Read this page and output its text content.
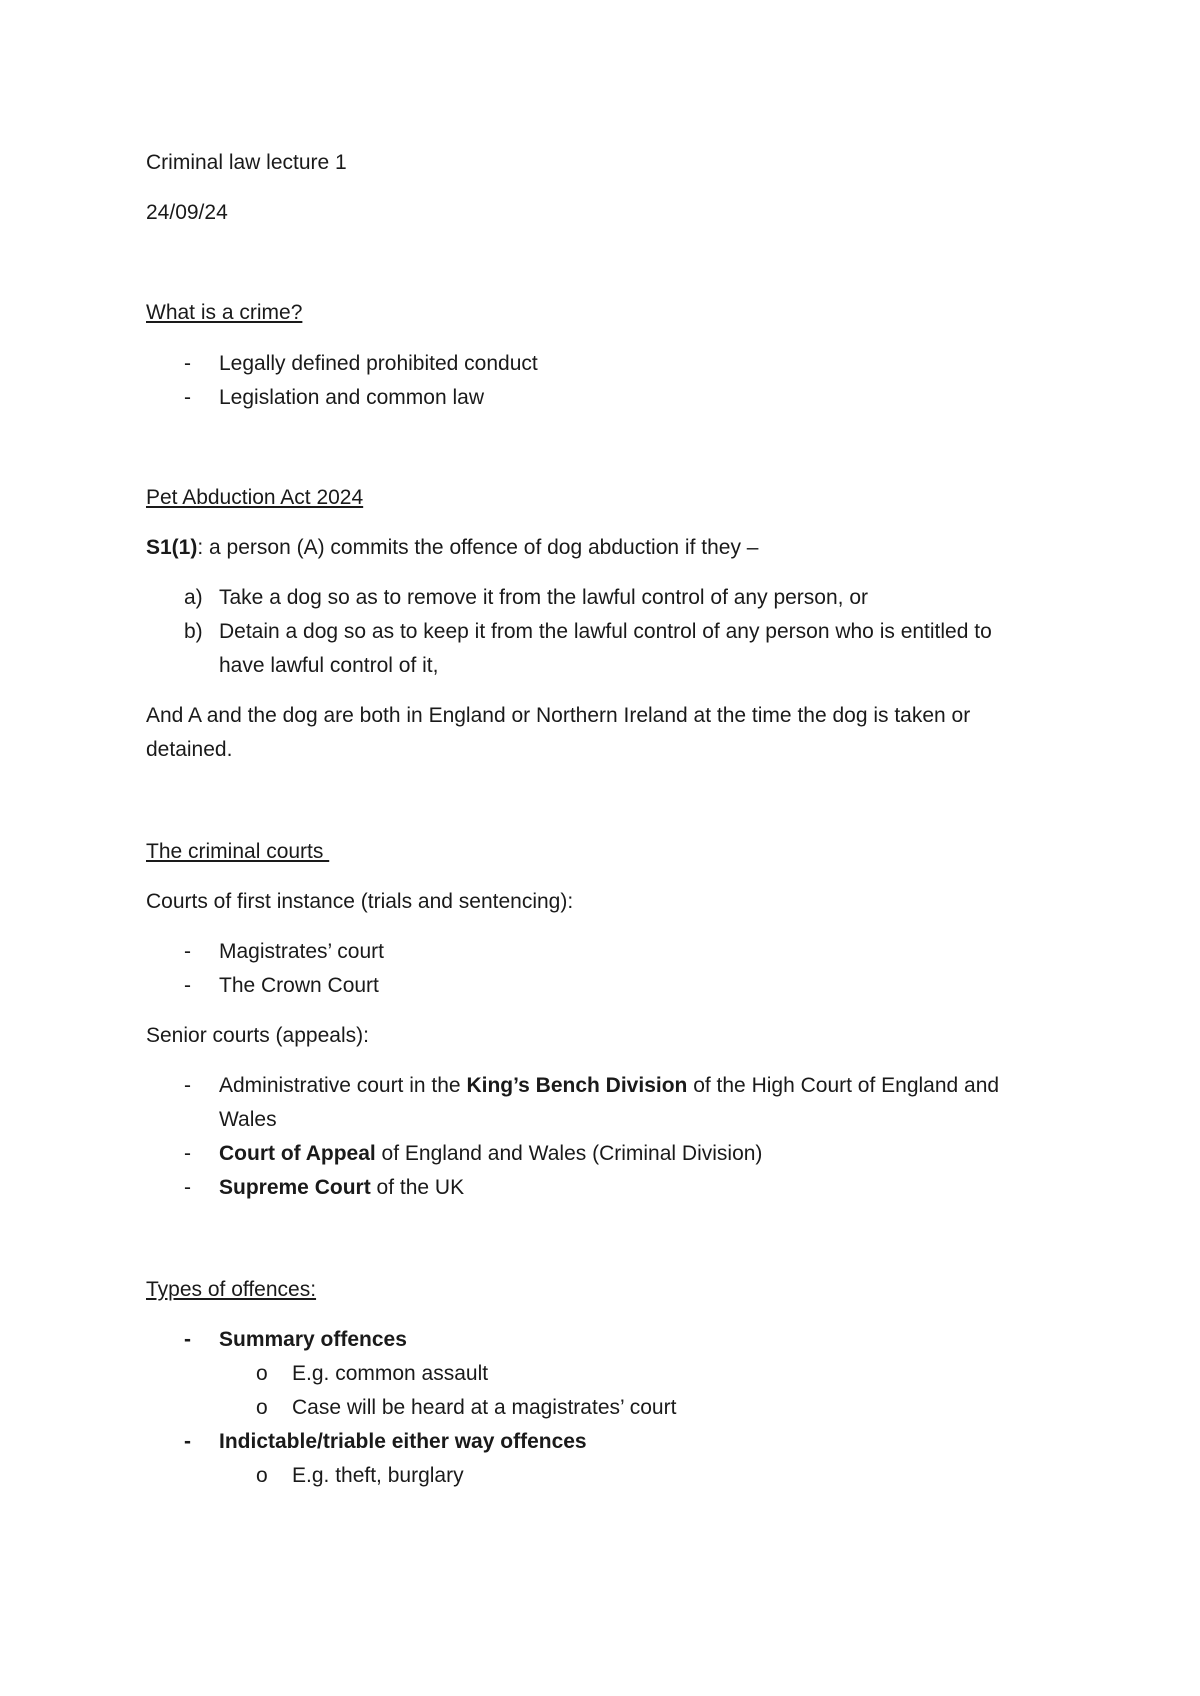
Criminal law lecture 1
24/09/24
What is a crime?
- Legally defined prohibited conduct
- Legislation and common law
Pet Abduction Act 2024
S1(1): a person (A) commits the offence of dog abduction if they –
a) Take a dog so as to remove it from the lawful control of any person, or
b) Detain a dog so as to keep it from the lawful control of any person who is entitled to
have lawful control of it,
And A and the dog are both in England or Northern Ireland at the time the dog is taken or
detained.
The criminal courts
Courts of first instance (trials and sentencing):
- Magistrates’ court
- The Crown Court
Senior courts (appeals):
- Administrative court in the King’s Bench Division of the High Court of England and
Wales
- Court of Appeal of England and Wales (Criminal Division)
- Supreme Court of the UK
Types of offences:
- Summary offences
o E.g. common assault
o Case will be heard at a magistrates’ court
- Indictable/triable either way offences
o E.g. theft, burglary
